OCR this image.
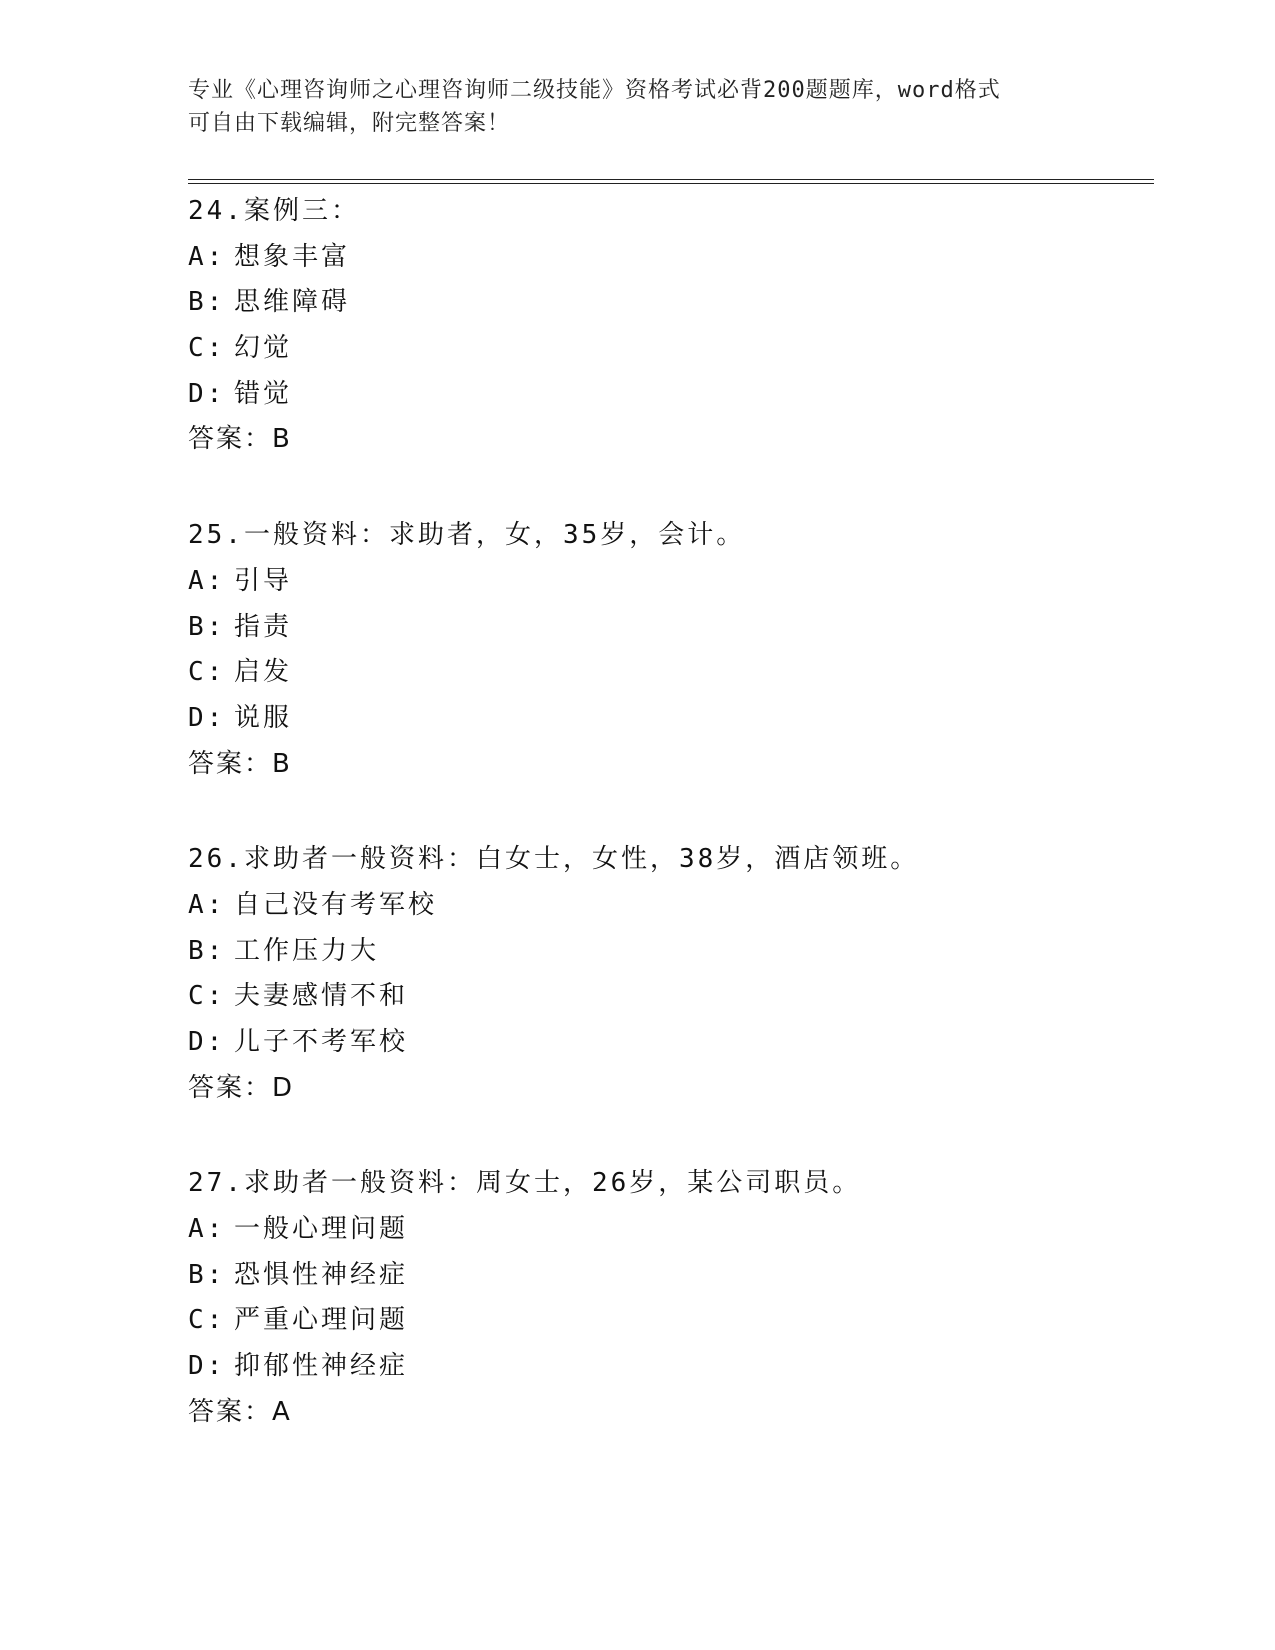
专业《心理咨询师之心理咨询师二级技能》资格考试必背200题题库，word格式
可自由下载编辑，附完整答案！
24.案例三：
A: 想象丰富
B: 思维障碍
C: 幻觉
D: 错觉
答案：B
25.一般资料：求助者，女，35岁，会计。
A: 引导
B: 指责
C: 启发
D: 说服
答案：B
26.求助者一般资料：白女士，女性，38岁，酒店领班。
A: 自己没有考军校
B: 工作压力大
C: 夫妻感情不和
D: 儿子不考军校
答案：D
27.求助者一般资料：周女士，26岁，某公司职员。
A: 一般心理问题
B: 恐惧性神经症
C: 严重心理问题
D: 抑郁性神经症
答案：A
